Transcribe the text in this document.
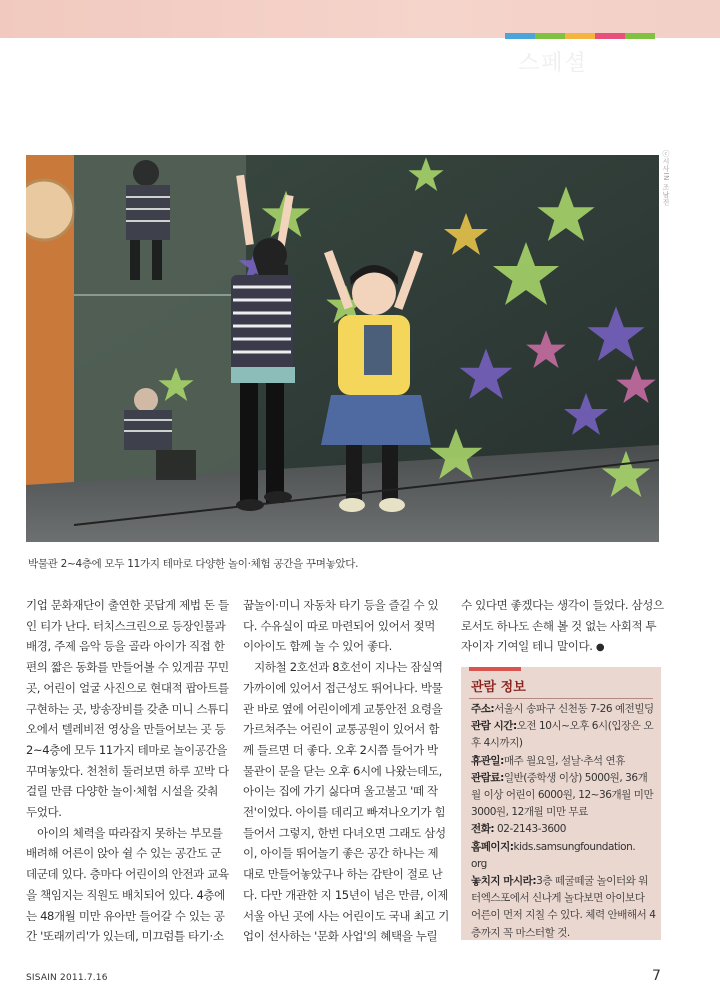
스페셜
ⓒ시사IN 조남진
박물관 2~4층에 모두 11가지 테마로 다양한 놀이·체험 공간을 꾸며놓았다.

기업 문화재단이 출연한 곳답게 제법 돈 들

인 티가 난다. 터치스크린으로 등장인물과

배경, 주제 음악 등을 골라 아이가 직접 한

편의 짧은 동화를 만들어볼 수 있게끔 꾸민

곳, 어린이 얼굴 사진으로 현대적 팝아트를

구현하는 곳, 방송장비를 갖춘 미니 스튜디

오에서 텔레비전 영상을 만들어보는 곳 등

2~4층에 모두 11가지 테마로 놀이공간을

꾸며놓았다. 천천히 둘러보면 하루 꼬박 다

걸릴 만큼 다양한 놀이·체험 시설을 갖춰

두었다.

　아이의 체력을 따라잡지 못하는 부모를

배려해 어른이 앉아 쉴 수 있는 공간도 군

데군데 있다. 층마다 어린이의 안전과 교육

을 책임지는 직원도 배치되어 있다. 4층에

는 48개월 미만 유아만 들어갈 수 있는 공

간 '또래끼리'가 있는데, 미끄럼틀 타기·소

꿉놀이·미니 자동차 타기 등을 즐길 수 있

다. 수유실이 따로 마련되어 있어서 젖먹

이아이도 함께 놀 수 있어 좋다.

　지하철 2호선과 8호선이 지나는 잠실역

가까이에 있어서 접근성도 뛰어나다. 박물

관 바로 옆에 어린이에게 교통안전 요령을

가르쳐주는 어린이 교통공원이 있어서 함

께 들르면 더 좋다. 오후 2시쯤 들어가 박

물관이 문을 닫는 오후 6시에 나왔는데도,

아이는 집에 가기 싫다며 울고불고 '떼 작

전'이었다. 아이를 데리고 빠져나오기가 힘

들어서 그렇지, 한번 다녀오면 그래도 삼성

이, 아이들 뛰어놀기 좋은 공간 하나는 제

대로 만들어놓았구나 하는 감탄이 절로 난

다. 다만 개관한 지 15년이 넘은 만큼, 이제

서울 아닌 곳에 사는 어린이도 국내 최고 기

업이 선사하는 '문화 사업'의 혜택을 누릴

수 있다면 좋겠다는 생각이 들었다. 삼성으

로서도 하나도 손해 볼 것 없는 사회적 투

자이자 기여일 테니 말이다. ●

관람 정보

주소:서울시 송파구 신천동 7-26 예전빌딩

관람 시간:오전 10시~오후 6시(입장은 오

후 4시까지)

휴관일:매주 월요일, 설날·추석 연휴

관람료:일반(중학생 이상) 5000원, 36개

월 이상 어린이 6000원, 12~36개월 미만

3000원, 12개월 미만 무료

전화: 02-2143-3600

홈페이지:kids.samsungfoundation.

org

놓치지 마시라:3층 떼굴떼굴 놀이터와 워

터엑스포에서 신나게 놀다보면 아이보다

어른이 먼저 지칠 수 있다. 체력 안배해서 4

층까지 꼭 마스터할 것.

SISAIN 2011.7.16	7
